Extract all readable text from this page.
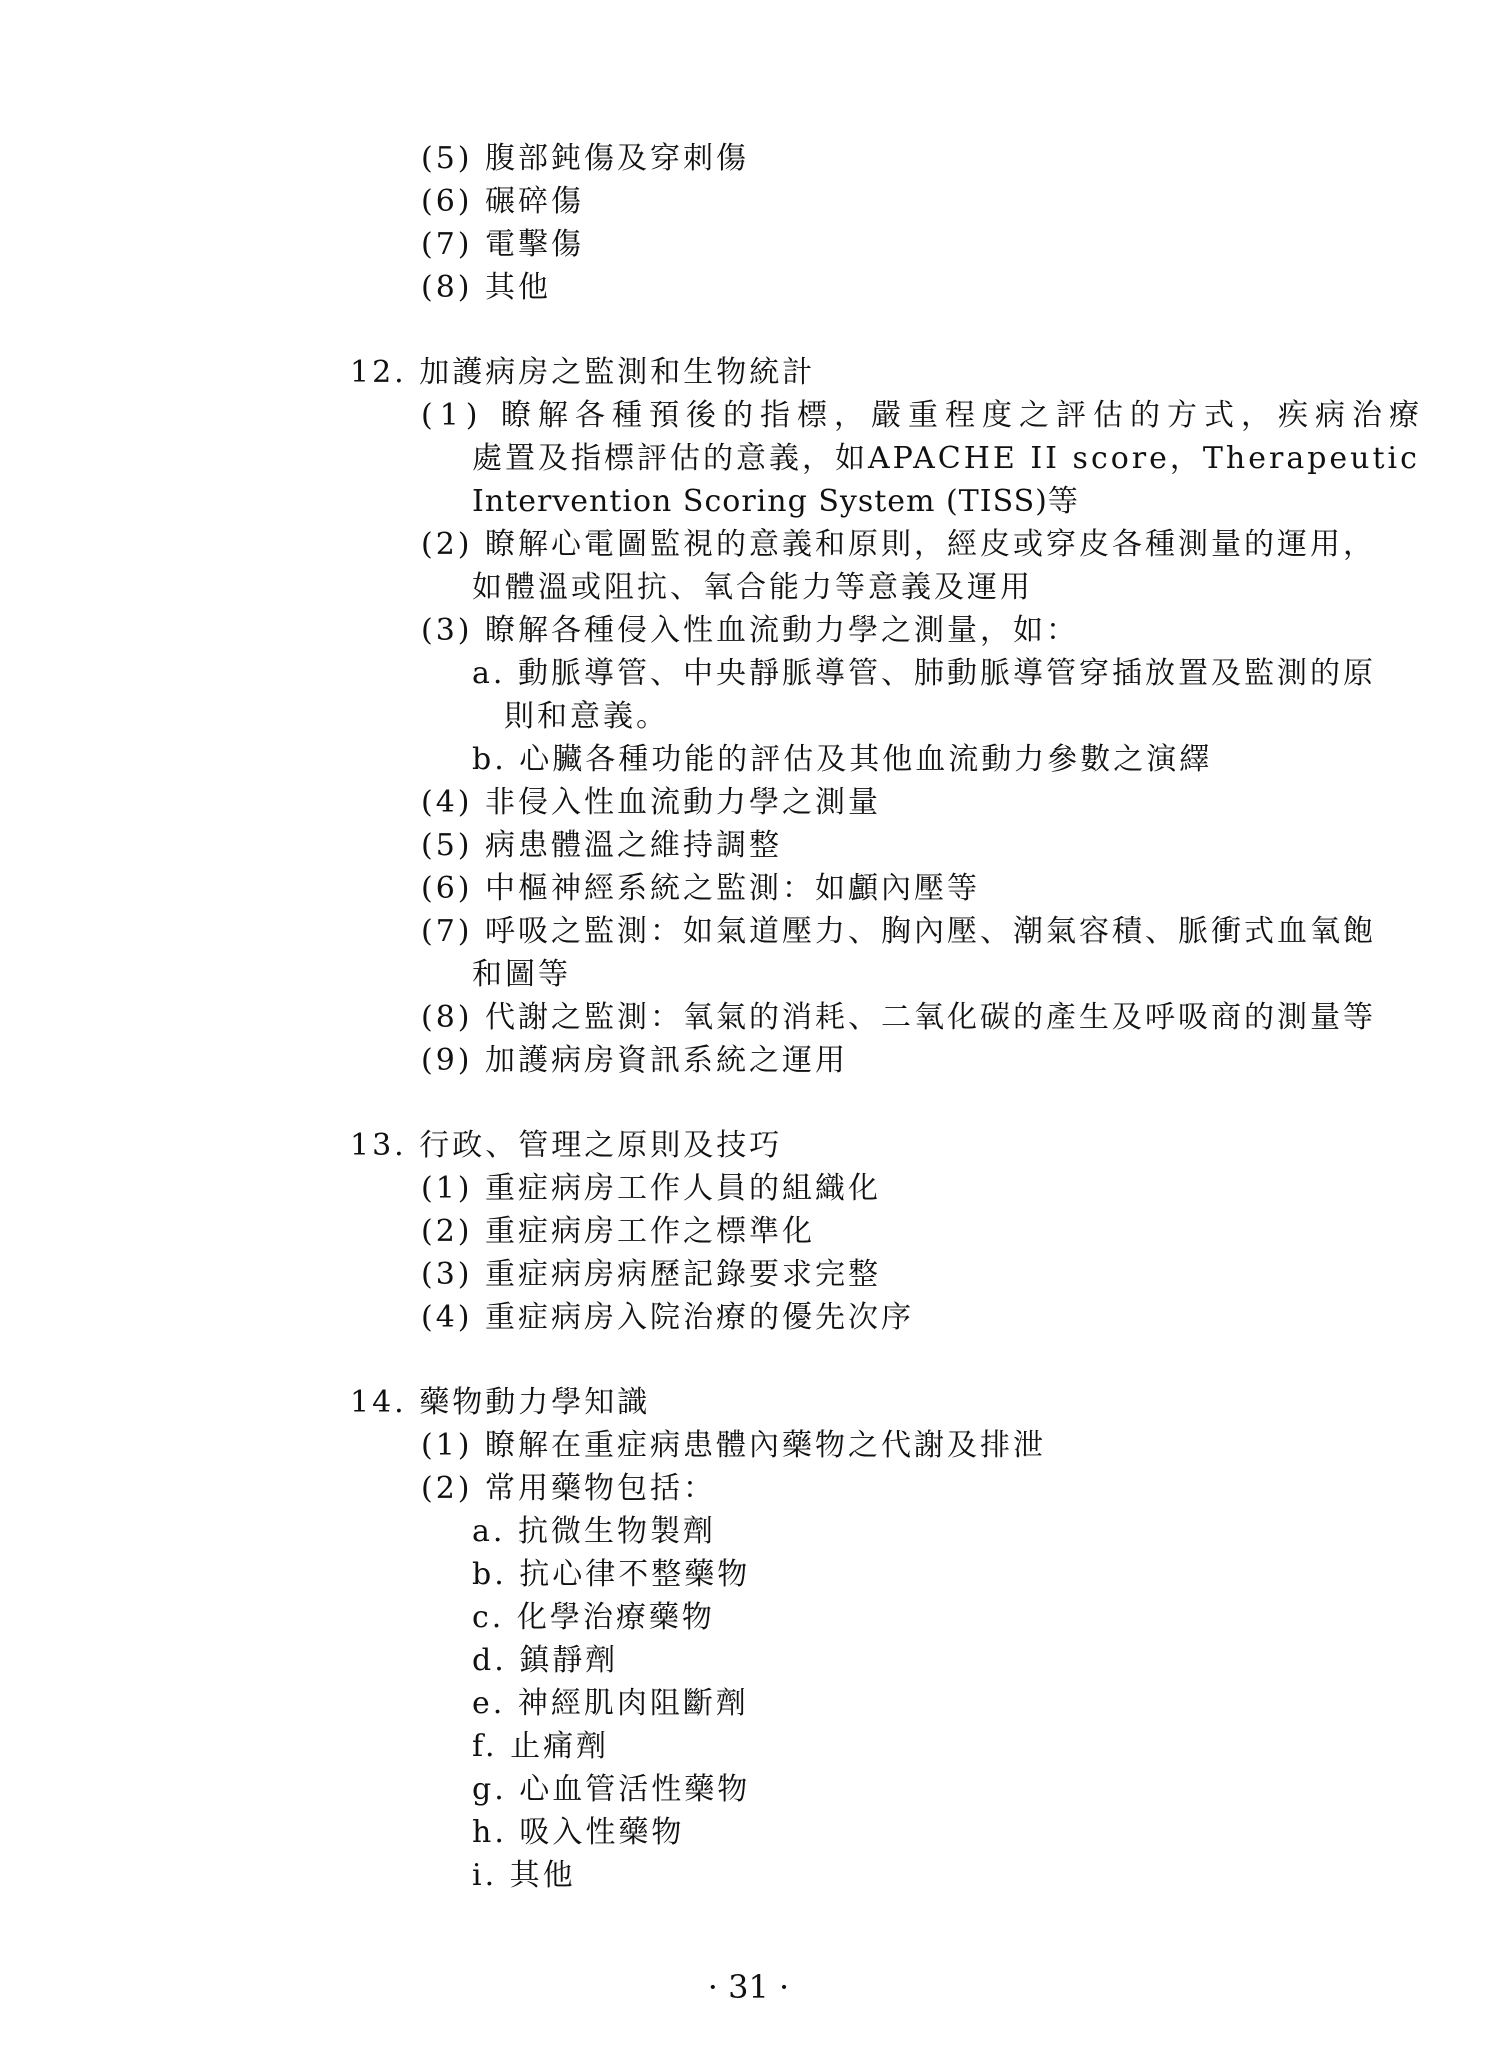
(5) 腹部鈍傷及穿刺傷
(6) 碾碎傷
(7) 電擊傷
(8) 其他
12. 加護病房之監測和生物統計
(1) 瞭解各種預後的指標，嚴重程度之評估的方式，疾病治療
處置及指標評估的意義，如APACHE II score，Therapeutic
Intervention Scoring System (TISS)等
(2) 瞭解心電圖監視的意義和原則，經皮或穿皮各種測量的運用，
如體溫或阻抗、氧合能力等意義及運用
(3) 瞭解各種侵入性血流動力學之測量，如：
a. 動脈導管、中央靜脈導管、肺動脈導管穿插放置及監測的原
則和意義。
b. 心臟各種功能的評估及其他血流動力參數之演繹
(4) 非侵入性血流動力學之測量
(5) 病患體溫之維持調整
(6) 中樞神經系統之監測：如顱內壓等
(7) 呼吸之監測：如氣道壓力、胸內壓、潮氣容積、脈衝式血氧飽
和圖等
(8) 代謝之監測：氧氣的消耗、二氧化碳的產生及呼吸商的測量等
(9) 加護病房資訊系統之運用
13. 行政、管理之原則及技巧
(1) 重症病房工作人員的組織化
(2) 重症病房工作之標準化
(3) 重症病房病歷記錄要求完整
(4) 重症病房入院治療的優先次序
14. 藥物動力學知識
(1) 瞭解在重症病患體內藥物之代謝及排泄
(2) 常用藥物包括：
a. 抗微生物製劑
b. 抗心律不整藥物
c. 化學治療藥物
d. 鎮靜劑
e. 神經肌肉阻斷劑
f. 止痛劑
g. 心血管活性藥物
h. 吸入性藥物
i. 其他
· 31 ·
